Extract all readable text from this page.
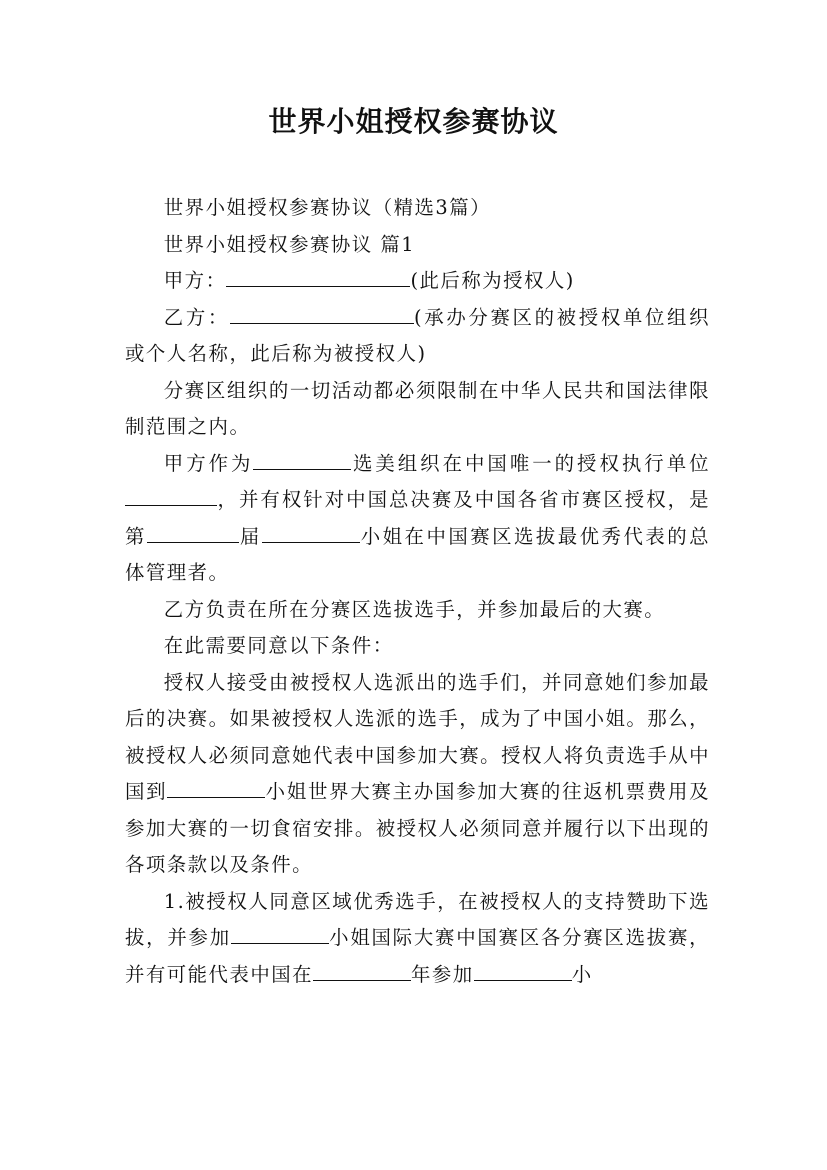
世界小姐授权参赛协议

世界小姐授权参赛协议（精选3篇）

世界小姐授权参赛协议 篇1

甲方：	(此后称为授权人)

乙方：	(承办分赛区的被授权单位组织或个人名称，此后称为被授权人)

分赛区组织的一切活动都必须限制在中华人民共和国法律限制范围之内。

甲方作为	选美组织在中国唯一的授权执行单位，并有权针对中国总决赛及中国各省市赛区授权，是第	届	小姐在中国赛区选拔最优秀代表的总体管理者。

乙方负责在所在分赛区选拔选手，并参加最后的大赛。

在此需要同意以下条件：

授权人接受由被授权人选派出的选手们，并同意她们参加最后的决赛。如果被授权人选派的选手，成为了中国小姐。那么，被授权人必须同意她代表中国参加大赛。授权人将负责选手从中国到	小姐世界大赛主办国参加大赛的往返机票费用及参加大赛的一切食宿安排。被授权人必须同意并履行以下出现的各项条款以及条件。

1.被授权人同意区域优秀选手，在被授权人的支持赞助下选拔，并参加	小姐国际大赛中国赛区各分赛区选拔赛，并有可能代表中国在	年参加	小
